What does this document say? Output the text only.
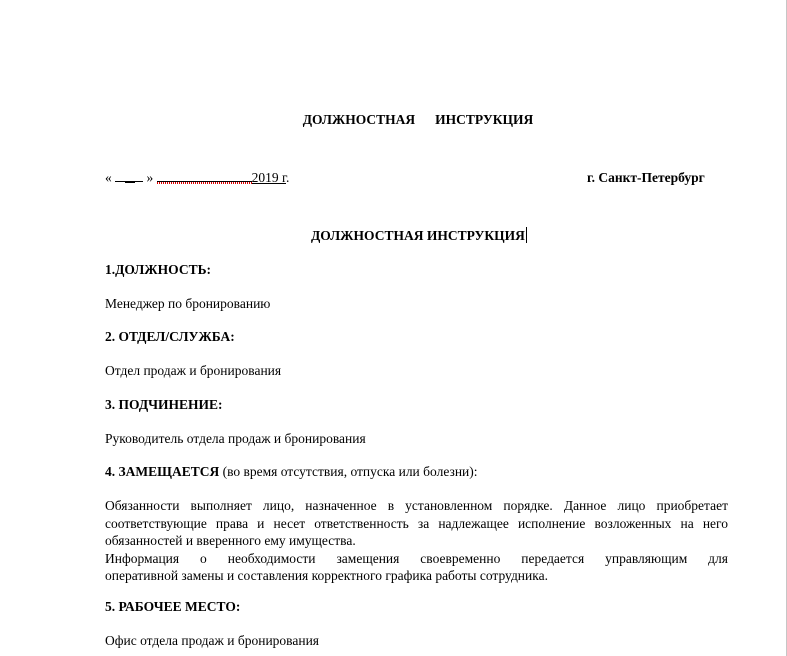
ДОЛЖНОСТНАЯ ИНСТРУКЦИЯ
«	»	2019 г.	г. Санкт-Петербург
ДОЛЖНОСТНАЯ ИНСТРУКЦИЯ
1.ДОЛЖНОСТЬ:
Менеджер по бронированию
2. ОТДЕЛ/СЛУЖБА:
Отдел продаж и бронирования
3. ПОДЧИНЕНИЕ:
Руководитель отдела продаж и бронирования
4. ЗАМЕЩАЕТСЯ (во время отсутствия, отпуска или болезни):
Обязанности выполняет лицо, назначенное в установленном порядке. Данное лицо приобретает
соответствующие права и несет ответственность за надлежащее исполнение возложенных на него
обязанностей и вверенного ему имущества.
Информация о необходимости замещения своевременно передается управляющим для
оперативной замены и составления корректного графика работы сотрудника.
5. РАБОЧЕЕ МЕСТО:
Офис отдела продаж и бронирования
